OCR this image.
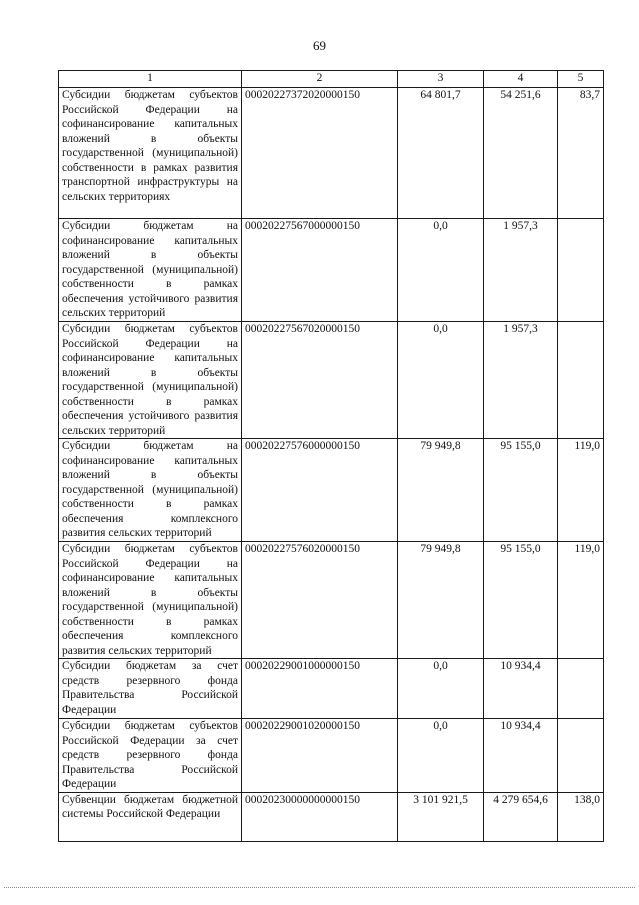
69
1	2	3	4	5
Субсидии бюджетам субъектов Российской Федерации на софинансирование капитальных вложений в объекты государственной (муниципальной) собственности в рамках развития транспортной инфраструктуры на сельских территориях	00020227372020000150	64 801,7	54 251,6	83,7
Субсидии бюджетам на софинансирование капитальных вложений в объекты государственной (муниципальной) собственности в рамках обеспечения устойчивого развития сельских территорий	00020227567000000150	0,0	1 957,3	
Субсидии бюджетам субъектов Российской Федерации на софинансирование капитальных вложений в объекты государственной (муниципальной) собственности в рамках обеспечения устойчивого развития сельских территорий	00020227567020000150	0,0	1 957,3	
Субсидии бюджетам на софинансирование капитальных вложений в объекты государственной (муниципальной) собственности в рамках обеспечения комплексного развития сельских территорий	00020227576000000150	79 949,8	95 155,0	119,0
Субсидии бюджетам субъектов Российской Федерации на софинансирование капитальных вложений в объекты государственной (муниципальной) собственности в рамках обеспечения комплексного развития сельских территорий	00020227576020000150	79 949,8	95 155,0	119,0
Субсидии бюджетам за счет средств резервного фонда Правительства Российской Федерации	00020229001000000150	0,0	10 934,4	
Субсидии бюджетам субъектов Российской Федерации за счет средств резервного фонда Правительства Российской Федерации	00020229001020000150	0,0	10 934,4	
Субвенции бюджетам бюджетной системы Российской Федерации	00020230000000000150	3 101 921,5	4 279 654,6	138,0
